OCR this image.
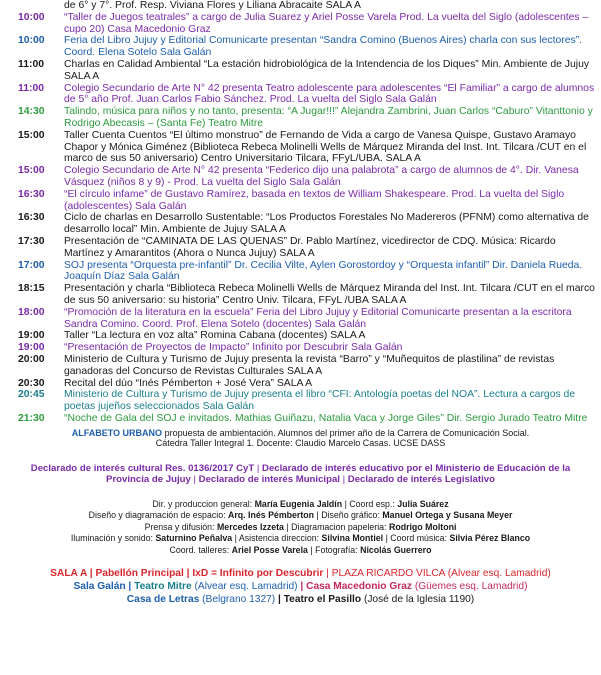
de 6° y 7°. Prof. Resp. Viviana Flores y Liliana Abracaite SALA A
10:00	“Taller de Juegos teatrales” a cargo de Julia Suarez y Ariel Posse Varela Prod. La vuelta del Siglo (adolescentes – cupo 20) Casa Macedonio Graz
10:00	Feria del Libro Jujuy y Editorial Comunicarte presentan “Sandra Comino (Buenos Aires) charla con sus lectores”. Coord. Elena Sotelo Sala Galán
11:00	Charlas en Calidad Ambiental “La estación hidrobiológica de la Intendencia de los Diques” Min. Ambiente de Jujuy SALA A
11:00	Colegio Secundario de Arte N° 42 presenta Teatro adolescente para adolescentes “El Familiar” a cargo de alumnos de 5° año Prof. Juan Carlos Fabio Sánchez. Prod. La vuelta del Siglo Sala Galán
14:30	Talindo, música para niños y no tanto, presenta: “A Jugar!!!” Alejandra Zambrini, Juan Carlos “Caburo” Vitanttonio y Rodrigo Abecasis – (Santa Fe) Teatro Mitre
15:00	Taller Cuenta Cuentos “El último monstruo” de Fernando de Vida a cargo de Vanesa Quispe, Gustavo Aramayo Chapor y Mónica Giménez (Biblioteca Rebeca Molinelli Wells de Márquez Miranda del Inst. Int. Tilcara /CUT en el marco de sus 50 aniversario) Centro Universitario Tilcara, FFyL/UBA. SALA A
15:00	Colegio Secundario de Arte N° 42 presenta “Federico dijo una palabrota” a cargo de alumnos de 4°. Dir. Vanesa Vásquez (niños 8 y 9) - Prod. La vuelta del Siglo Sala Galán
16:30	“El círculo infame” de Gustavo Ramírez, basada en textos de William Shakespeare. Prod. La vuelta del Siglo (adolescentes) Sala Galán
16:30	Ciclo de charlas en Desarrollo Sustentable: “Los Productos Forestales No Madereros (PFNM) como alternativa de desarrollo local” Min. Ambiente de Jujuy SALA A
17:30	Presentación de “CAMINATA DE LAS QUENAS” Dr. Pablo Martínez, vicedirector de CDQ. Música: Ricardo Martínez y Amarantitos (Ahora o Nunca Jujuy) SALA A
17:00	SOJ presenta “Orquesta pre-infantil” Dr. Cecilia Vilte, Aylen Gorostordoy y “Orquesta infantil” Dir. Daniela Rueda. Joaquín Díaz Sala Galán
18:15	Presentación y charla “Biblioteca Rebeca Molinelli Wells de Márquez Miranda del Inst. Int. Tilcara /CUT en el marco de sus 50 aniversario: su historia” Centro Univ. Tilcara, FFyL /UBA SALA A
18:00	“Promoción de la literatura en la escuela” Feria del Libro Jujuy y Editorial Comunicarte presentan a la escritora Sandra Comino. Coord. Prof. Elena Sotelo (docentes) Sala Galán
19:00	Taller “La lectura en voz alta” Romina Cabana (docentes) SALA A
19:00	“Presentación de Proyectos de Impacto” Infinito por Descubrir Sala Galán
20:00	Ministerio de Cultura y Turismo de Jujuy presenta la revista “Barro” y “Muñequitos de plastilina” de revistas ganadoras del Concurso de Revistas Culturales SALA A
20:30	Recital del dúo “Inés Pémberton + José Vera” SALA A
20:45	Ministerio de Cultura y Turismo de Jujuy presenta el libro “CFI: Antología poetas del NOA”. Lectura a cargos de poetas jujeños seleccionados Sala Galán
21:30	“Noche de Gala del SOJ e invitados. Mathias Guiñazu, Natalia Vaca y Jorge Giles” Dir. Sergio Jurado Teatro Mitre
ALFABETO URBANO propuesta de ambientación. Alumnos del primer año de la Carrera de Comunicación Social.
Cátedra Taller Integral 1. Docente: Claudio Marcelo Casas. UCSE DASS
Declarado de interés cultural Res. 0136/2017 CyT | Declarado de interés educativo por el Ministerio de Educación de la Provincia de Jujuy | Declarado de interés Municipal | Declarado de interés Legislativo
Dir. y produccion general: María Eugenia Jaldín | Coord esp.: Julia Suárez
Diseño y diagramación de espacio: Arq. Inés Pémberton | Diseño gráfico: Manuel Ortega y Susana Meyer
Prensa y difusión: Mercedes Izzeta | Diagramacion papeleria: Rodrigo Moltoni
Iluminación y sonido: Saturnino Peñalva | Asistencia direccion: Silvina Montiel | Coord música: Silvia Pérez Blanco
Coord. talleres: Ariel Posse Varela | Fotografía: Nicolás Guerrero
SALA A | Pabellón Principal | IxD = Infinito por Descubrir | PLAZA RICARDO VILCA (Alvear esq. Lamadrid)
Sala Galán | Teatro Mitre (Alvear esq. Lamadrid) | Casa Macedonio Graz (Güemes esq. Lamadrid)
Casa de Letras (Belgrano 1327) | Teatro el Pasillo (José de la Iglesia 1190)
